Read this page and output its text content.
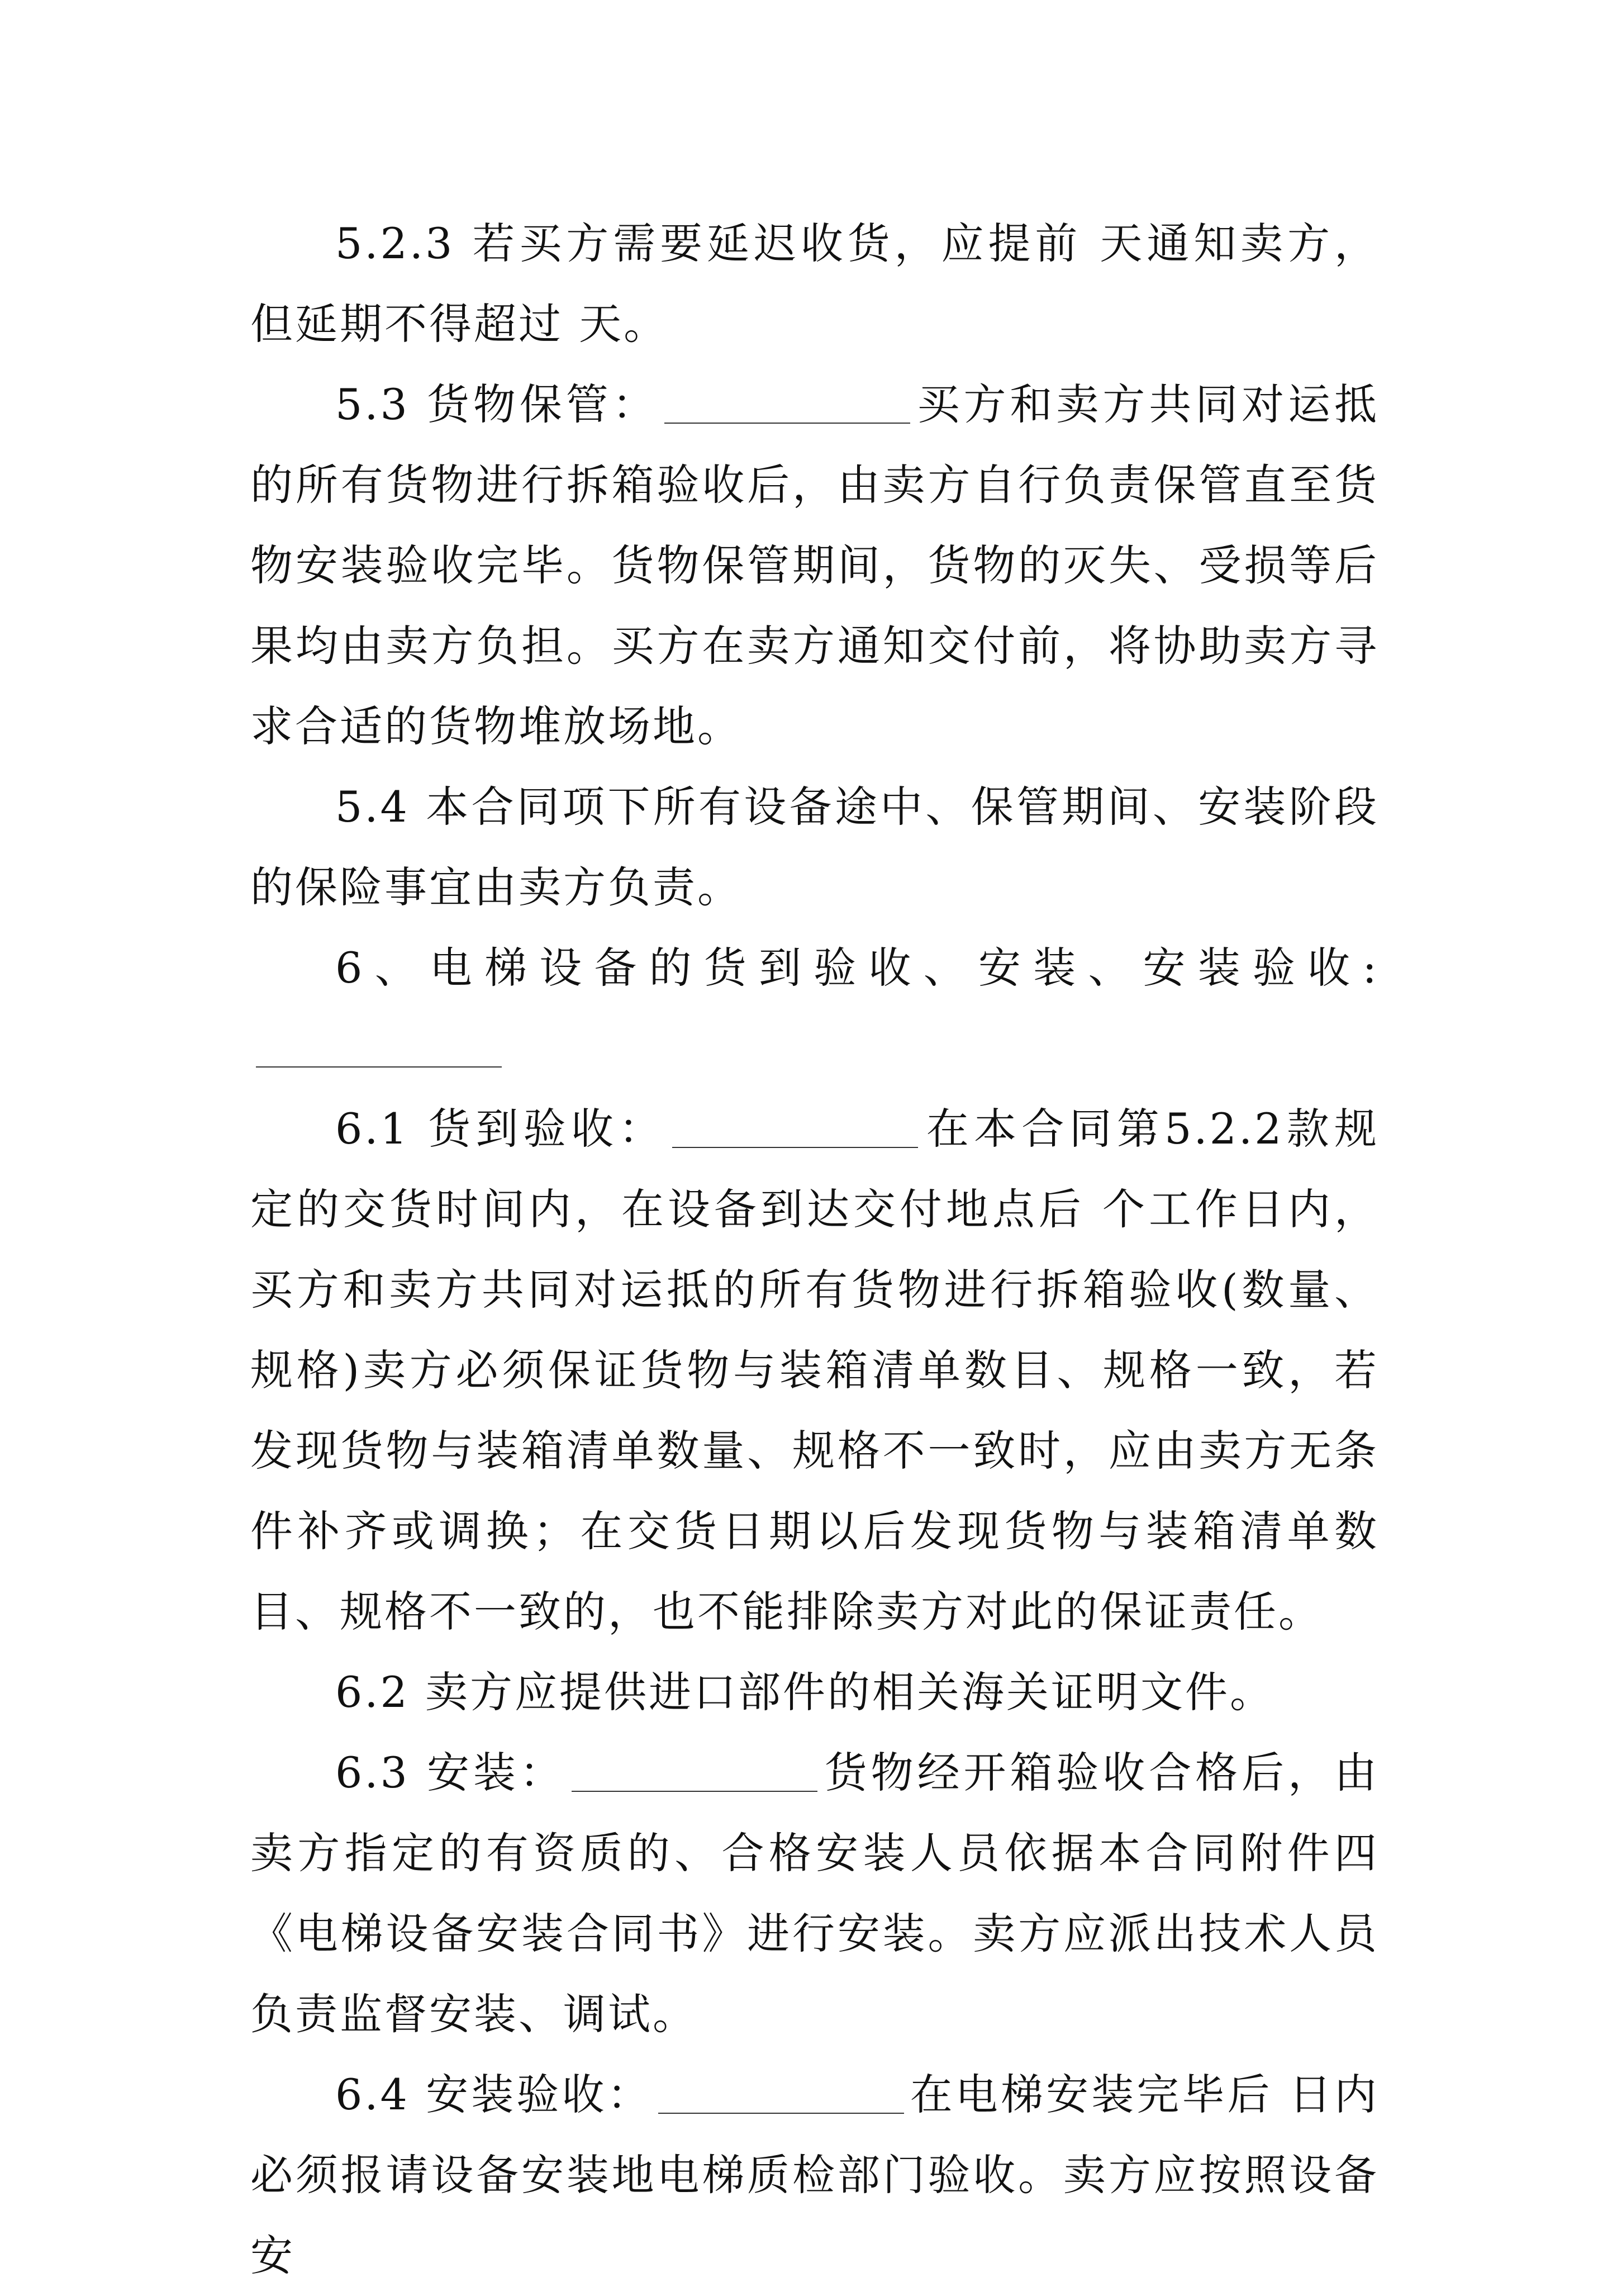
5.2.3 若买方需要延迟收货，应提前 天通知卖方，但延期不得超过 天。

5.3 货物保管：	买方和卖方共同对运抵的所有货物进行拆箱验收后，由卖方自行负责保管直至货物安装验收完毕。货物保管期间，货物的灭失、受损等后果均由卖方负担。买方在卖方通知交付前，将协助卖方寻求合适的货物堆放场地。

5.4 本合同项下所有设备途中、保管期间、安装阶段的保险事宜由卖方负责。

6、电梯设备的货到验收、安装、安装验收:

6.1 货到验收：	在本合同第5.2.2款规定的交货时间内，在设备到达交付地点后 个工作日内，买方和卖方共同对运抵的所有货物进行拆箱验收(数量、规格)卖方必须保证货物与装箱清单数目、规格一致，若发现货物与装箱清单数量、规格不一致时，应由卖方无条件补齐或调换；在交货日期以后发现货物与装箱清单数目、规格不一致的，也不能排除卖方对此的保证责任。

6.2 卖方应提供进口部件的相关海关证明文件。

6.3 安装：	货物经开箱验收合格后，由卖方指定的有资质的、合格安装人员依据本合同附件四《电梯设备安装合同书》进行安装。卖方应派出技术人员负责监督安装、调试。

6.4 安装验收：	在电梯安装完毕后 日内必须报请设备安装地电梯质检部门验收。卖方应按照设备安
